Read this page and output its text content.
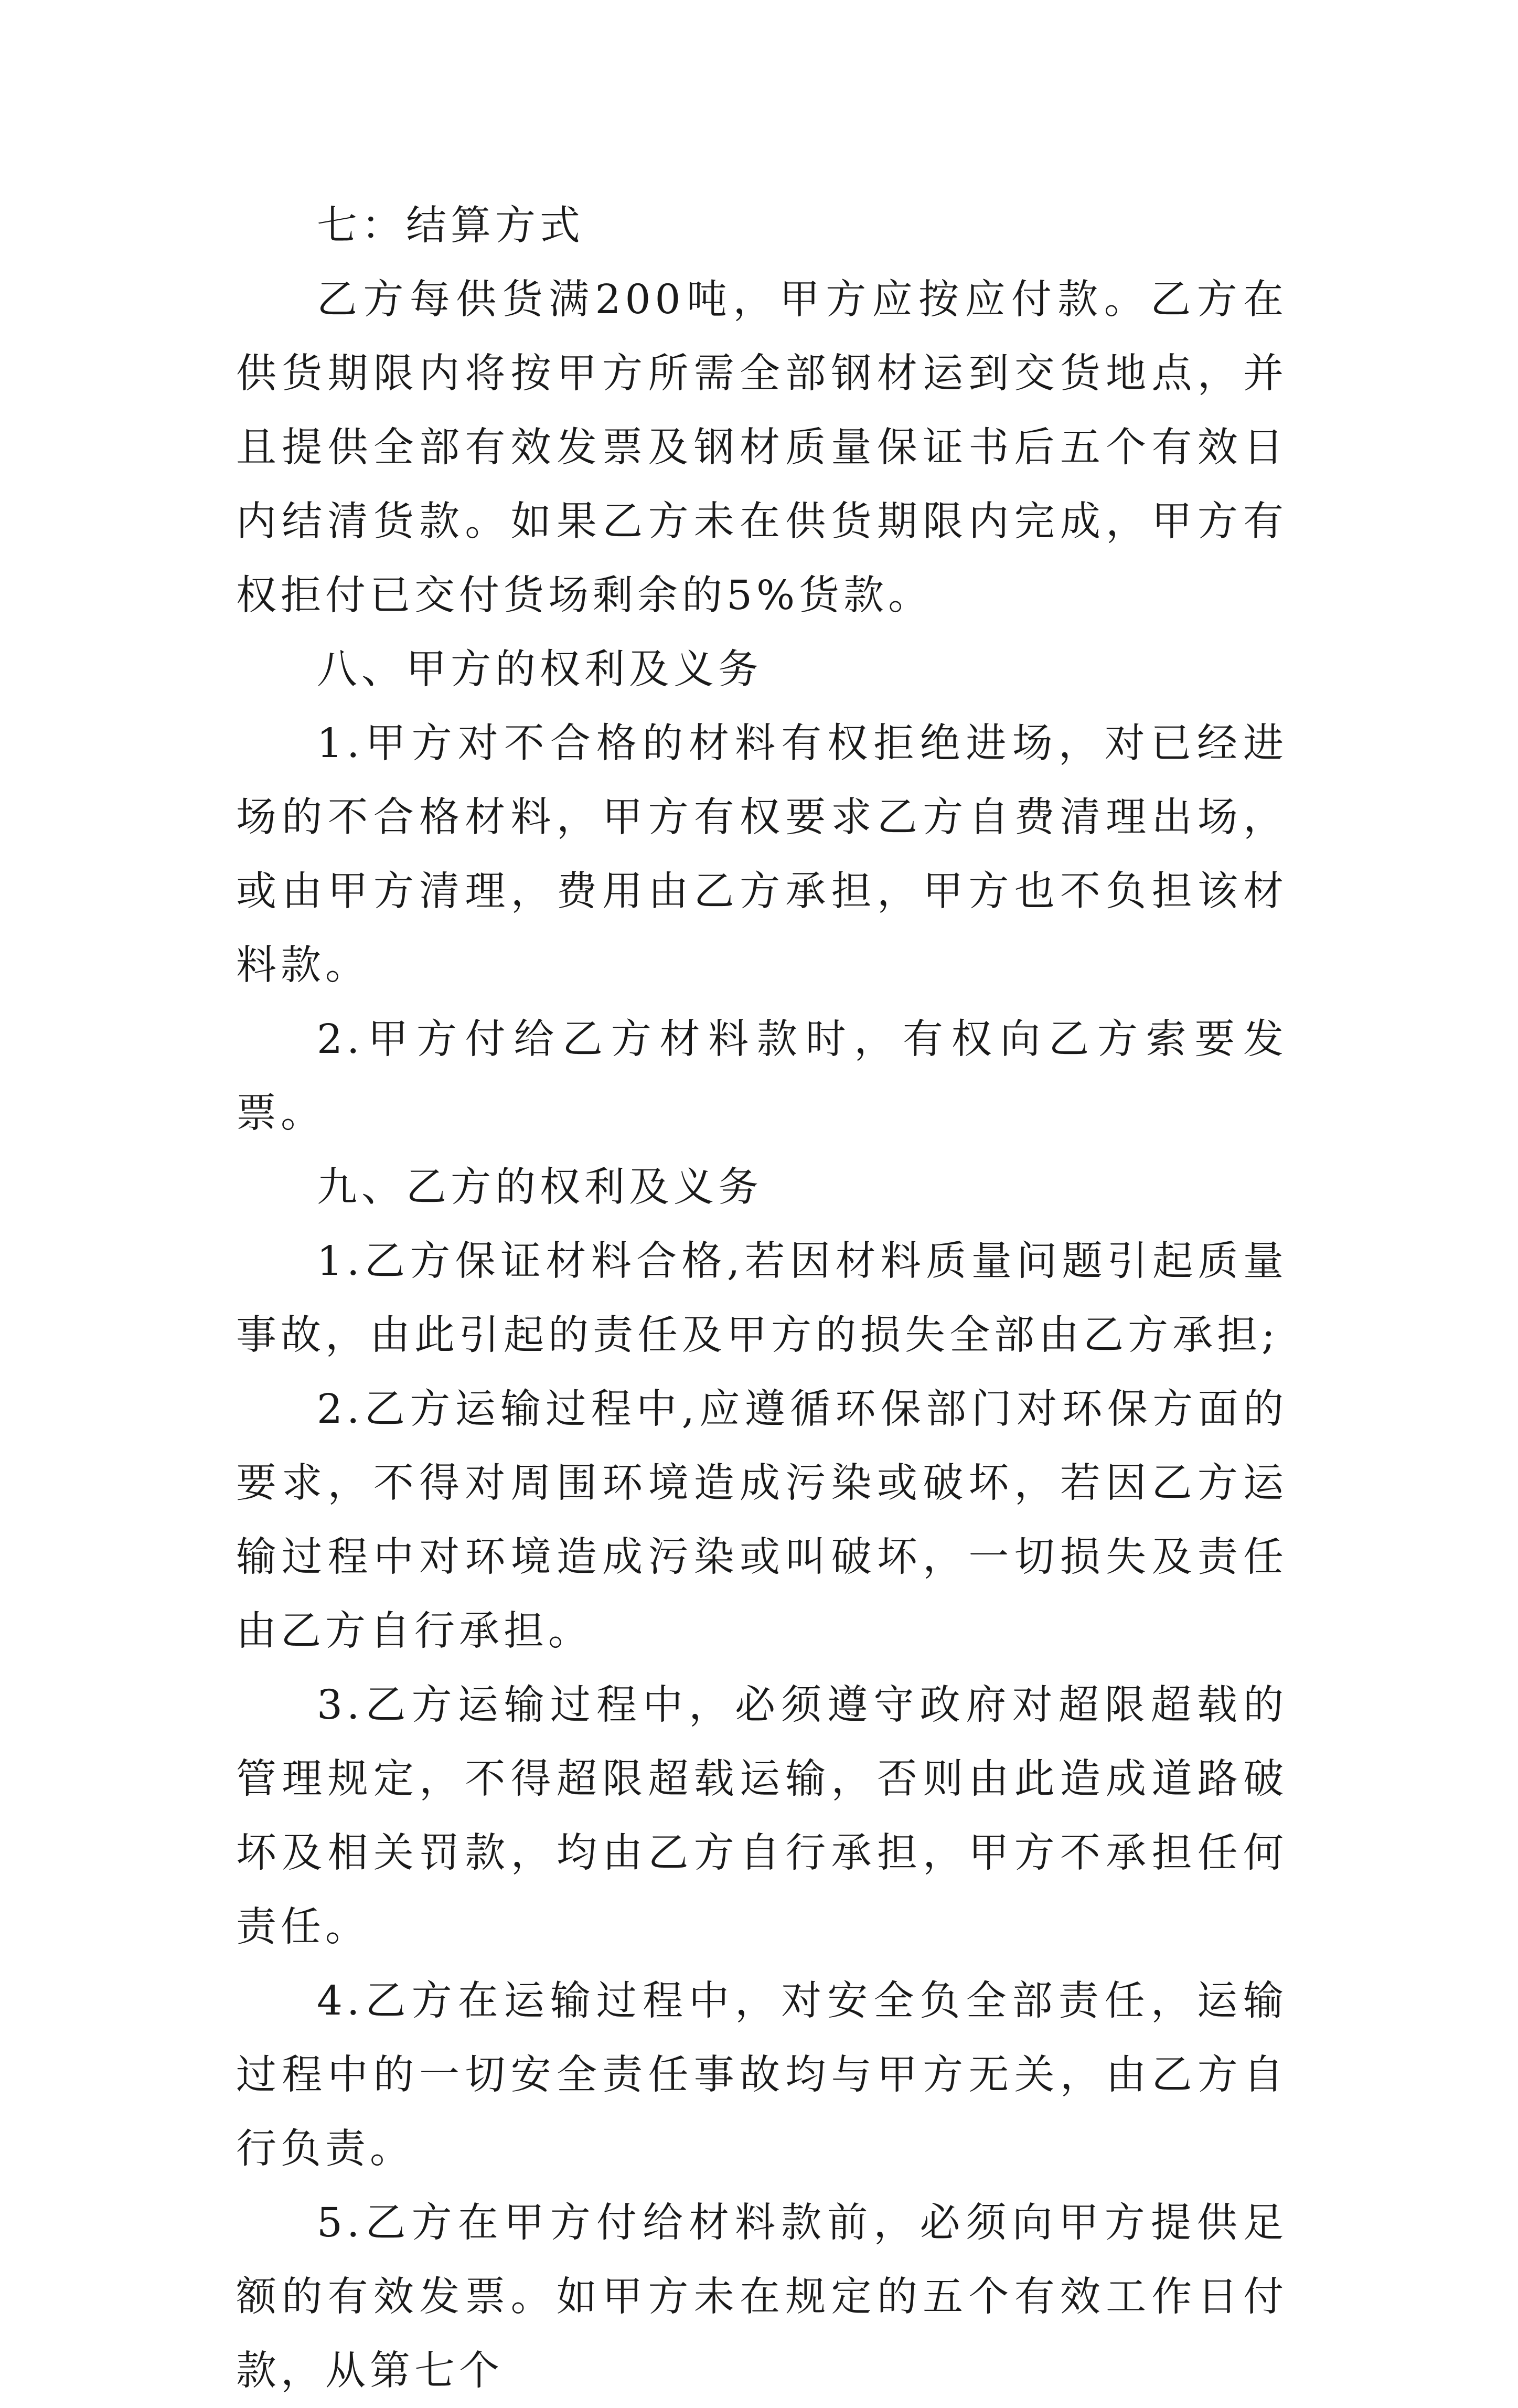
七：结算方式

乙方每供货满200吨，甲方应按应付款。乙方在供货期限内将按甲方所需全部钢材运到交货地点，并且提供全部有效发票及钢材质量保证书后五个有效日内结清货款。如果乙方未在供货期限内完成，甲方有权拒付已交付货场剩余的5%货款。

八、甲方的权利及义务

1.甲方对不合格的材料有权拒绝进场，对已经进场的不合格材料，甲方有权要求乙方自费清理出场，或由甲方清理，费用由乙方承担，甲方也不负担该材料款。

2.甲方付给乙方材料款时，有权向乙方索要发票。

九、乙方的权利及义务

1.乙方保证材料合格,若因材料质量问题引起质量事故，由此引起的责任及甲方的损失全部由乙方承担;

2.乙方运输过程中,应遵循环保部门对环保方面的要求，不得对周围环境造成污染或破坏，若因乙方运输过程中对环境造成污染或叫破坏，一切损失及责任由乙方自行承担。

3.乙方运输过程中，必须遵守政府对超限超载的管理规定，不得超限超载运输，否则由此造成道路破坏及相关罚款，均由乙方自行承担，甲方不承担任何责任。

4.乙方在运输过程中，对安全负全部责任，运输过程中的一切安全责任事故均与甲方无关，由乙方自行负责。

5.乙方在甲方付给材料款前，必须向甲方提供足额的有效发票。如甲方未在规定的五个有效工作日付款，从第七个
